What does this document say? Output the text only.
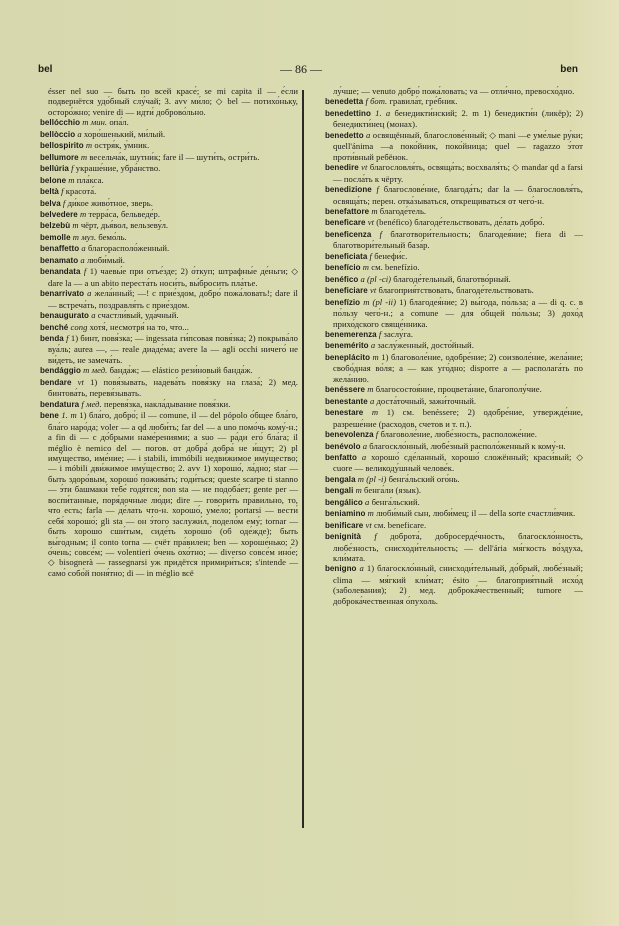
bel	— 86 —	ben

ésser nel suo — быть по всей красе́; se mi capita il — е́сли подвернётся удо́бный слу́чай; 3. avv ми́ло; ◇ bel — потихо́ньку, осторо́жно; venire di — идти́ доброво́льно.

bellócchio m мин. опа́л.

bellòccio a хоро́шенький, ми́лый.

bellospirito m остря́к, у́мник.

bellumore m весельча́к, шутни́к; fare il — шути́ть, остри́ть.

bellúria f украше́ние, убра́нство.

belone m пла́кса.

beltà f красота́.

belva f ди́кое живо́тное, зверь.

belvedere m терра́са, бельведе́р.

belzebù m чёрт, дья́вол, вельзеву́л.

bemolle m муз. бемо́ль.

benaffetto a благорасполо́женный.

benamato a люби́мый.

benandata f 1) чаевы́е при отъе́зде; 2) о́ткуп; штрафны́е де́ньги; ◇ dare la — a un abito переста́ть носи́ть, вы́бросить пла́тье.

benarrivato a жела́нный; —! с прие́здом, добро́ пожа́ловать!; dare il — встреча́ть, поздравля́ть с прие́здом.

benaugurato a счастли́вый, уда́чный.

benché cong хотя́, несмотря́ на то, что...

benda f 1) бинт, повя́зка; — ingessata ги́псовая повя́зка; 2) покрыва́ло вуа́ль; aurea —, — reale диаде́ма; avere la — agli occhi ничего́ не ви́деть, не замеча́ть.

bendággio m мед. банда́ж; — elástico рези́новый банда́ж.

bendare vt 1) повя́зывать, надева́ть повя́зку на глаза́; 2) мед. бинтова́ть, перевя́зывать.

bendatura f мед. перевя́зка, накла́дывание повя́зки.

bene 1. m 1) бла́го, добро́; il — comune, il — del pópolo о́бщее бла́го, бла́го наро́да; voler — a qd люби́ть; far del — a uno помо́чь кому́-н.; a fin di — с до́брыми наме́рениями; a suo — ра́ди его́ бла́га; il méglio è nemico del — погов. от добра́ добра́ не и́щут; 2) pl иму́щество, име́ние; — i stabili, immóbili недви́жимое иму́щество; — i móbili дви́жимое иму́щество; 2. avv 1) хорошо́, ла́дно; star — быть здоро́вым, хорошо́ пожива́ть; годи́ться; queste scarpe ti stanno — э́ти башмаки́ тебе́ годя́тся; non sta — не подоба́ет; gente per — воспи́танные, поря́дочные лю́ди; dire — говори́ть пра́вильно, то, что есть; farla — де́лать что-н. хорошо́, уме́ло; portarsi — вести́ себя́ хорошо́; gli sta — он э́того заслужи́л, подело́м ему́; tornar — быть хорошо́ сши́тым, сиде́ть хорошо́ (об оде́жде); быть вы́годным; il conto torna — счёт пра́вилен; ben — хороше́нько; 2) о́чень; совсе́м; — volentieri о́чень охо́тно; — diverso совсе́м ино́е; ◇ bisognerà — rassegnarsi уж придётся примири́ться; s'intende — само́ собо́й поня́тно; di — in méglio всё

лу́чше; — venuto добро́ пожа́ловать; va — отли́чно, превосхо́дно.

benedetta f бот. гравила́т, гре́бник.

benedettino 1. a бенедикти́нский; 2. m 1) бенедикти́н (ликёр); 2) бенедикти́нец (монах).

benedetto a освящённый, благослове́нный; ◇ mani —e уме́лые ру́ки; quell'ánima —a поко́йник, поко́йница; quel — ragazzo э́тот проти́вный ребёнок.

benedire vt благословля́ть, освяща́ть; восхваля́ть; ◇ mandar qd a farsi — посла́ть к чёрту.

benedizione f благослове́ние, благода́ть; dar la — благословля́ть, освяща́ть; перен. отка́зываться, открещиваться от чего́-н.

benefattore m благоде́тель.

beneficare vt (benéfico) благоде́тельствовать, де́лать добро́.

beneficenza f благотвори́тельность; благодея́ние; fiera di — благотвори́тельный база́р.

beneficiata f бенефи́с.

benefício m см. benefízio.

benéfico a (pl -ci) благоде́тельный, благотво́рный.

beneficiare vt благоприя́тствовать, благоде́тельствовать.

benefízio m (pl -ii) 1) благодея́ние; 2) вы́года, по́льза; a — di q. c. в по́льзу чего́-н.; a comune — для о́бщей по́льзы; 3) дохо́д прихо́дского свяще́нника.

benemerenza f заслу́га.

benemérito a заслу́женный, досто́йный.

beneplácito m 1) благоволе́ние, одобре́ние; 2) соизволе́ние, жела́ние; свобо́дная во́ля; a — как уго́дно; disporre a — располага́ть по жела́нию.

benéssere m благосостоя́ние, процвета́ние, благополу́чие.

benestante a доста́точный, зажи́точный.

benestare m 1) см. benéssere; 2) одобре́ние, утвержде́ние, разреше́ние (расходов, счетов и т. п.).

benevolenza f благоволе́ние, любе́зность, расположе́ние.

benévolo a благоскло́нный, любе́зный располо́женный к кому́-н.

benfatto a хорошо́ сде́ланный, хорошо́ сложённый; краси́вый; ◇ cuore — великоду́шный челове́к.

bengala m (pl -i) бенга́льский ого́нь.

bengali m бенга́ли (язык).

bengálico a бенга́льский.

beniamino m люби́мый сын, люби́мец; il — della sorte счастли́вчик.

benificare vt см. beneficare.

benignità f доброта́, добросерде́чность, благоскло́нность, любе́зность, снисходи́тельность; — dell'ária мя́гкость во́здуха, кли́мата.

benigno a 1) благоскло́нный, снисходи́тельный, до́брый, любе́зный; clima — мя́гкий кли́мат; ésito — благоприя́тный исхо́д (заболевания); 2) мед. доброка́чественный; tumore — доброка́чественная о́пухоль.
